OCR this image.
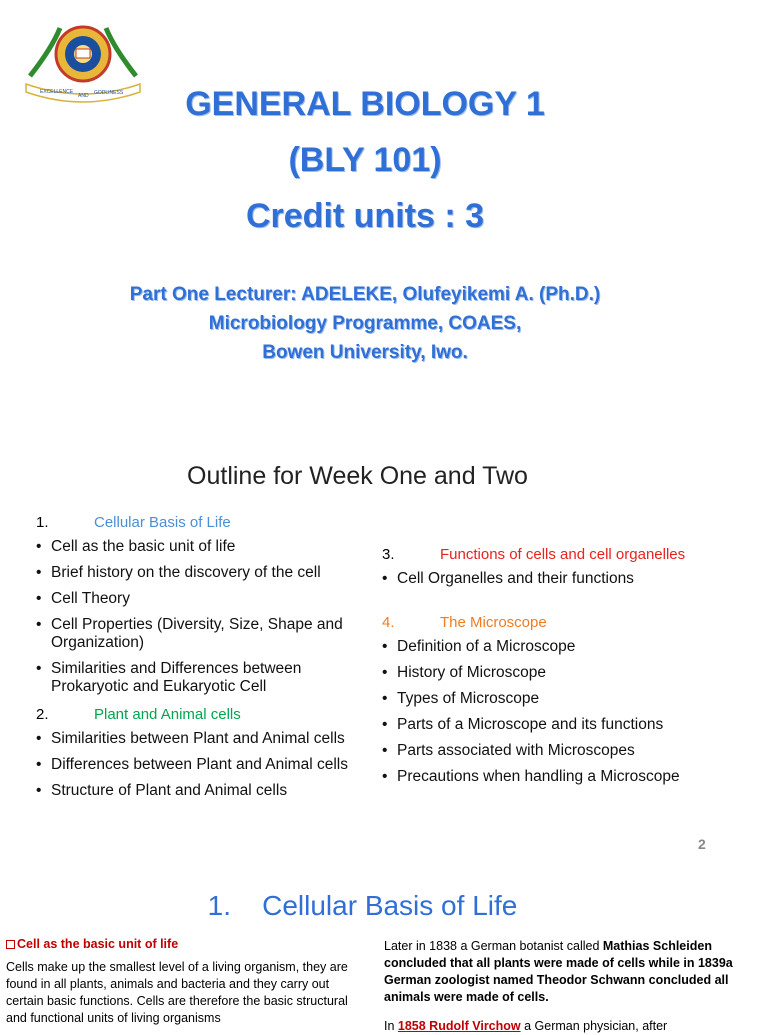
EXCELLENCE
AND GODLINESS	GENERAL BIOLOGY 1
(BLY 101)
Credit units : 3
Part One Lecturer: ADELEKE, Olufeyikemi A. (Ph.D.)
Microbiology Programme, COAES,
Bowen University, Iwo.
Outline for Week One and Two
1.	Cellular Basis of Life
• Cell as the basic unit of life
• Brief history on the discovery of the cell
• Cell Theory
• Cell Properties (Diversity, Size, Shape and Organization)
• Similarities and Differences between Prokaryotic and Eukaryotic Cell
2.	Plant and Animal cells
• Similarities between Plant and Animal cells
• Differences between Plant and Animal cells
• Structure of Plant and Animal cells
3.	Functions of cells and cell organelles
• Cell Organelles and their functions
4.	The Microscope
• Definition of a Microscope
• History of Microscope
• Types of Microscope
• Parts of a Microscope and its functions
• Parts associated with Microscopes
• Precautions when handling a Microscope
2
1.    Cellular Basis of Life
Cell as the basic unit of life
Cells make up the smallest level of a living organism, they are found in all plants, animals and bacteria and they carry out certain basic functions. Cells are therefore the basic structural and functional units of living organisms
Later in 1838 a German botanist called Mathias Schleiden concluded that all plants were made of cells while in 1839a German zoologist named Theodor Schwann concluded all animals were made of cells.
In 1858 Rudolf Virchow a German physician, after
